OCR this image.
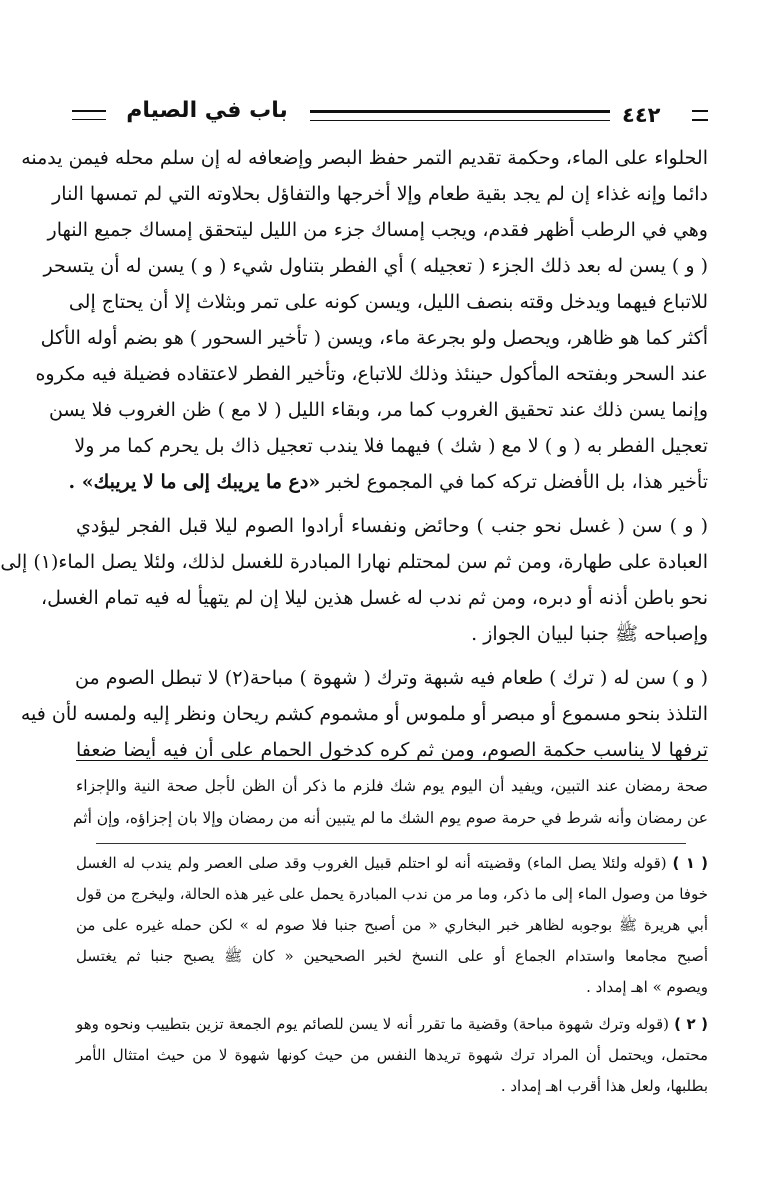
٤٤٢
باب في الصيام
الحلواء على الماء، وحكمة تقديم التمر حفظ البصر وإضعافه له إن سلم محله فيمن يدمنه
دائما وإنه غذاء إن لم يجد بقية طعام وإلا أخرجها والتفاؤل بحلاوته التي لم تمسها النار
وهي في الرطب أظهر فقدم، ويجب إمساك جزء من الليل ليتحقق إمساك جميع النهار
( و ) يسن له بعد ذلك الجزء ( تعجيله ) أي الفطر بتناول شيء ( و ) يسن له أن يتسحر
للاتباع فيهما ويدخل وقته بنصف الليل، ويسن كونه على تمر وبثلاث إلا أن يحتاج إلى
أكثر كما هو ظاهر، ويحصل ولو بجرعة ماء، ويسن ( تأخير السحور ) هو بضم أوله الأكل
عند السحر وبفتحه المأكول حينئذ وذلك للاتباع، وتأخير الفطر لاعتقاده فضيلة فيه مكروه
وإنما يسن ذلك عند تحقيق الغروب كما مر، وبقاء الليل ( لا مع ) ظن الغروب فلا يسن
تعجيل الفطر به ( و ) لا مع ( شك ) فيهما فلا يندب تعجيل ذاك بل يحرم كما مر ولا
تأخير هذا، بل الأفضل تركه كما في المجموع لخبر «دع ما يريبك إلى ما لا يريبك» .
( و ) سن ( غسل نحو جنب ) وحائض ونفساء أرادوا الصوم ليلا قبل الفجر ليؤدي
العبادة على طهارة، ومن ثم سن لمحتلم نهارا المبادرة للغسل لذلك، ولئلا يصل الماء(١) إلى
نحو باطن أذنه أو دبره، ومن ثم ندب له غسل هذين ليلا إن لم يتهيأ له فيه تمام الغسل،
وإصباحه ﷺ جنبا لبيان الجواز .
( و ) سن له ( ترك ) طعام فيه شبهة وترك ( شهوة ) مباحة(٢) لا تبطل الصوم من
التلذذ بنحو مسموع أو مبصر أو ملموس أو مشموم كشم ريحان ونظر إليه ولمسه لأن فيه
ترفها لا يناسب حكمة الصوم، ومن ثم كره كدخول الحمام على أن فيه أيضا ضعفا
صحة رمضان عند التبين، ويفيد أن اليوم يوم شك فلزم ما ذكر أن الظن لأجل صحة النية والإجزاء
عن رمضان وأنه شرط في حرمة صوم يوم الشك ما لم يتبين أنه من رمضان وإلا بان إجزاؤه، وإن أثم
( ١ ) (قوله ولئلا يصل الماء) وقضيته أنه لو احتلم قبيل الغروب وقد صلى العصر ولم يندب له الغسل
خوفا من وصول الماء إلى ما ذكر، وما مر من ندب المبادرة يحمل على غير هذه الحالة، وليخرج من قول
أبي هريرة ﷺ بوجوبه لظاهر خبر البخاري « من أصبح جنبا فلا صوم له » لكن حمله غيره على من
أصبح مجامعا واستدام الجماع أو على النسخ لخبر الصحيحين « كان ﷺ يصبح جنبا ثم يغتسل
ويصوم » اهـ إمداد .
( ٢ ) (قوله وترك شهوة مباحة) وقضية ما تقرر أنه لا يسن للصائم يوم الجمعة تزين بتطييب ونحوه وهو
محتمل، ويحتمل أن المراد ترك شهوة تريدها النفس من حيث كونها شهوة لا من حيث امتثال الأمر
بطلبها، ولعل هذا أقرب اهـ إمداد .
